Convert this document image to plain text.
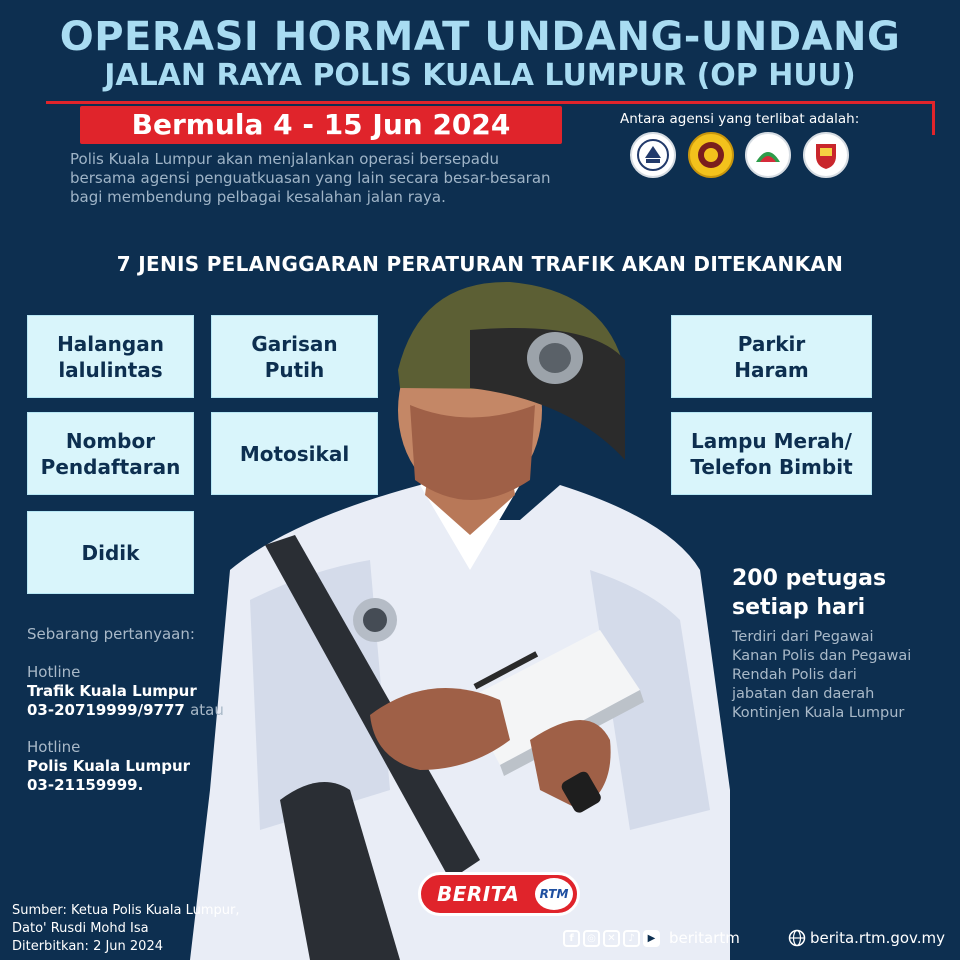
OPERASI HORMAT UNDANG-UNDANG
JALAN RAYA POLIS KUALA LUMPUR (OP HUU)
Bermula 4 - 15 Jun 2024
Polis Kuala Lumpur akan menjalankan operasi bersepadu
bersama agensi penguatkuasan yang lain secara besar-besaran
bagi membendung pelbagai kesalahan jalan raya.
Antara agensi yang terlibat adalah:
7 JENIS PELANGGARAN PERATURAN TRAFIK AKAN DITEKANKAN
Halangan
lalulintas
Garisan
Putih
Nombor
Pendaftaran
Motosikal
Didik
Parkir
Haram
Lampu Merah/
Telefon Bimbit
Sebarang pertanyaan:
Hotline
Trafik Kuala Lumpur
03-20719999/9777 atau
Hotline
Polis Kuala Lumpur
03-21159999.
200 petugas
setiap hari
Terdiri dari Pegawai
Kanan Polis dan Pegawai
Rendah Polis dari
jabatan dan daerah
Kontinjen Kuala Lumpur
Sumber: Ketua Polis Kuala Lumpur,
Dato' Rusdi Mohd Isa
Diterbitkan: 2 Jun 2024
BERITA	RTM
f	◎	✕	♪	▶ beritartm	berita.rtm.gov.my
